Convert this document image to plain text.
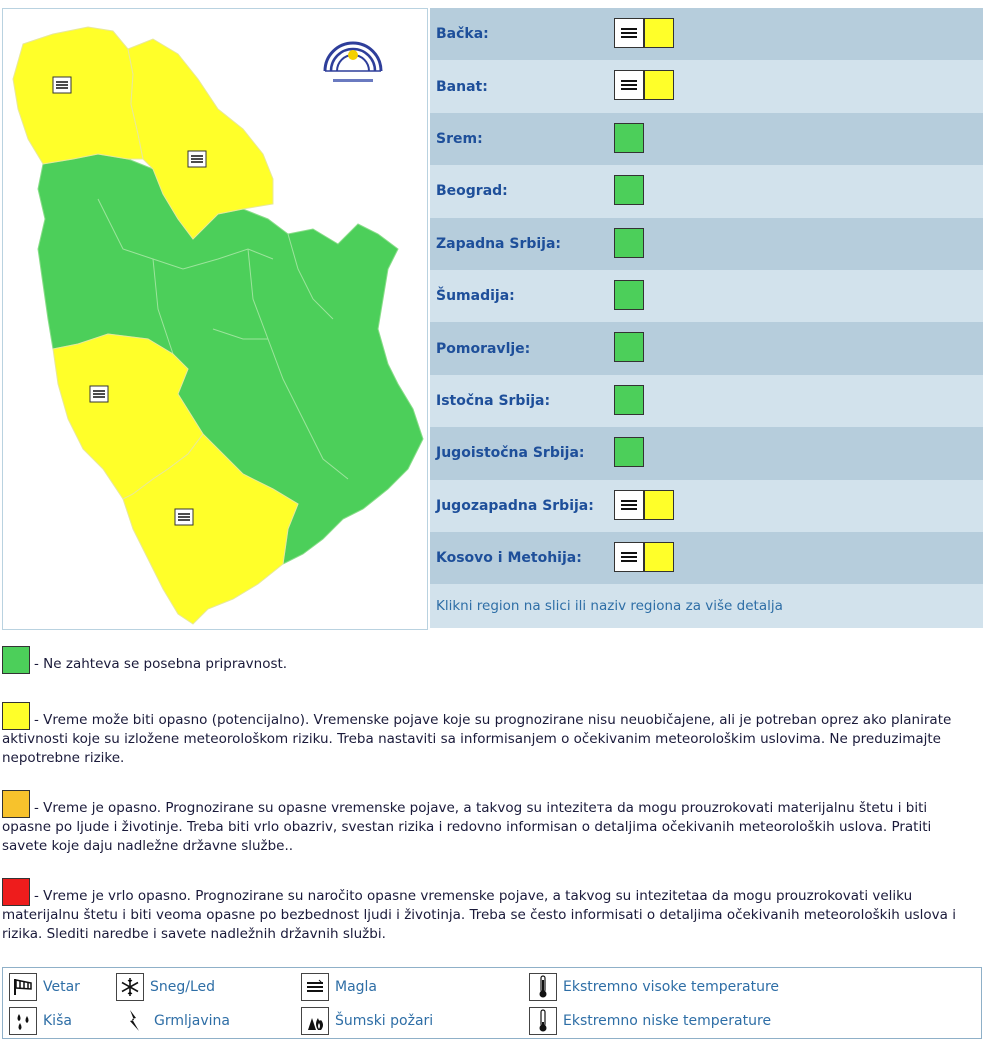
Bačka:
Banat:
Srem:
Beograd:
Zapadna Srbija:
Šumadija:
Pomoravlje:
Istočna Srbija:
Jugoistočna Srbija:
Jugozapadna Srbija:
Kosovo i Metohija:
Klikni region na slici ili naziv regiona za više detalja
- Ne zahteva se posebna pripravnost.
- Vreme može biti opasno (potencijalno). Vremenske pojave koje su prognozirane nisu neuobičajene, ali je potreban oprez ako planirate aktivnosti koje su izložene meteorološkom riziku. Treba nastaviti sa informisanjem o očekivanim meteorološkim uslovima. Ne preduzimajte nepotrebne rizike.
- Vreme je opasno. Prognozirane su opasne vremenske pojave, a takvog su intezitета da mogu prouzrokovati materijalnu štetu i biti opasne po ljude i životinje. Treba biti vrlo obazriv, svestan rizika i redovno informisan o detaljima očekivanih meteoroloških uslova. Pratiti savete koje daju nadležne državne službe..
- Vreme je vrlo opasno. Prognozirane su naročito opasne vremenske pojave, a takvog su intezitetaa da mogu prouzrokovati veliku materijalnu štetu i biti veoma opasne po bezbednost ljudi i životinja. Treba se često informisati o detaljima očekivanih meteoroloških uslova i rizika. Slediti naredbe i savete nadležnih državnih službi.
Vetar
Kiša
Sneg/Led
Grmljavina
Magla
Šumski požari
Ekstremno visoke temperature
Ekstremno niske temperature
